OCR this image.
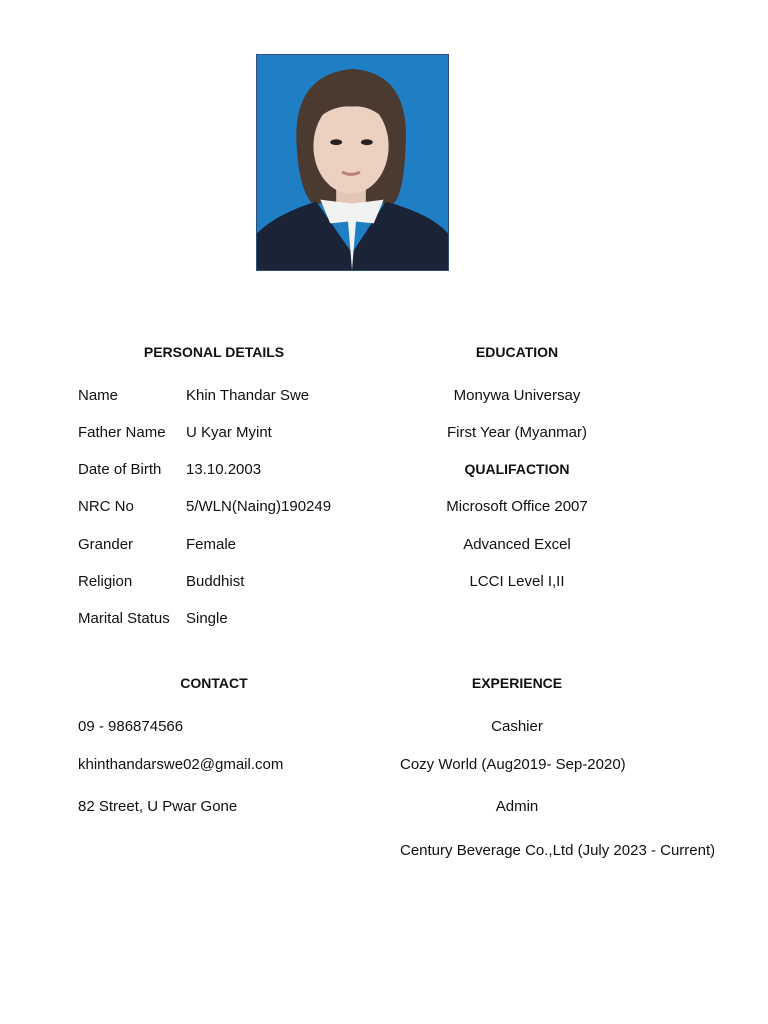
PERSONAL DETAILS
Name	Khin Thandar Swe
Father Name U Kyar Myint
Date of Birth 13.10.2003
NRC No	5/WLN(Naing)190249
Grander	Female
Religion	Buddhist
Marital Status Single
EDUCATION
Monywa Universay
First Year (Myanmar)
QUALIFACTION
Microsoft Office 2007
Advanced Excel
LCCI Level I,II
CONTACT
09 - 986874566
khinthandarswe02@gmail.com
82 Street, U Pwar Gone
EXPERIENCE
Cashier
Cozy World (Aug2019- Sep-2020)
Admin
Century Beverage Co.,Ltd (July 2023 - Current)
